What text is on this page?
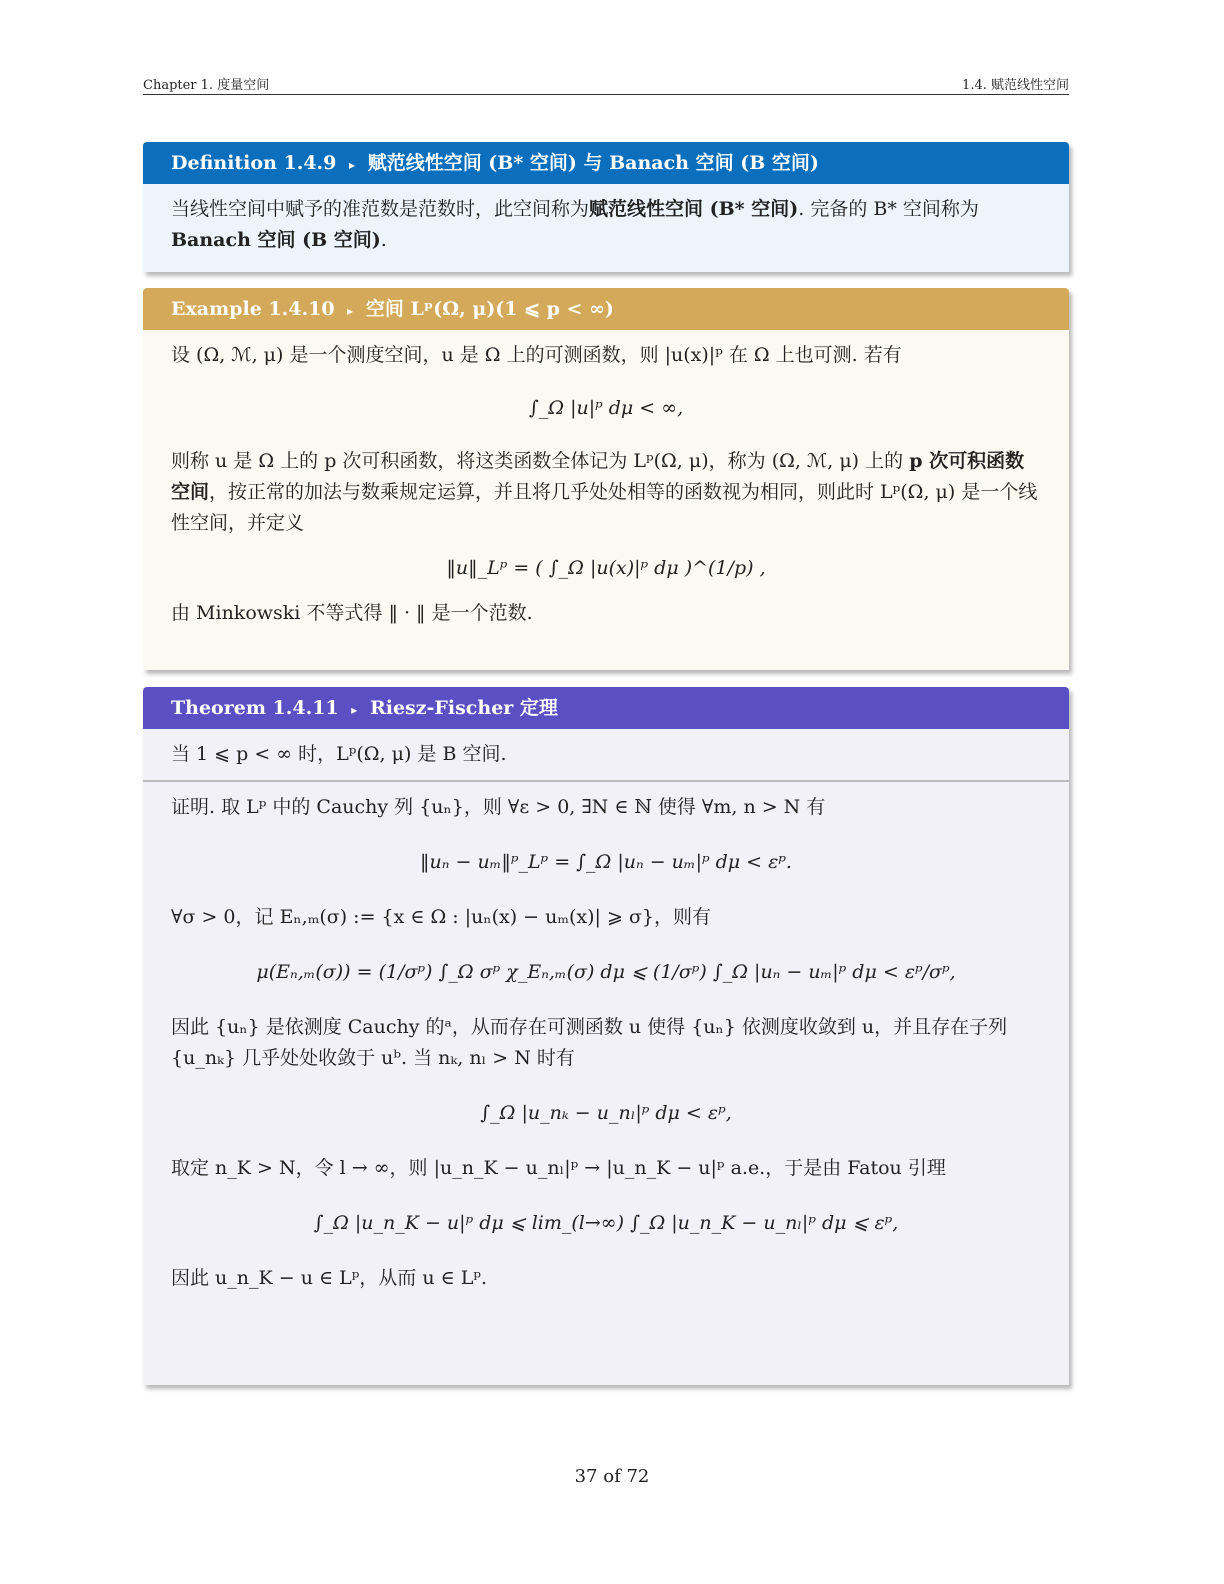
Chapter 1. 度量空间	1.4. 赋范线性空间
Definition 1.4.9 ▸ 赋范线性空间 (B* 空间) 与 Banach 空间 (B 空间)

当线性空间中赋予的准范数是范数时，此空间称为赋范线性空间 (B* 空间). 完备的 B* 空间称为 Banach 空间 (B 空间).

Example 1.4.10 ▸ 空间 Lᵖ(Ω, μ)(1 ⩽ p < ∞)

设 (Ω, ℳ, μ) 是一个测度空间，u 是 Ω 上的可测函数，则 |u(x)|ᵖ 在 Ω 上也可测. 若有

∫_Ω |u|ᵖ dμ < ∞,

则称 u 是 Ω 上的 p 次可积函数，将这类函数全体记为 Lᵖ(Ω, μ)，称为 (Ω, ℳ, μ) 上的 p 次可积函数空间，按正常的加法与数乘规定运算，并且将几乎处处相等的函数视为相同，则此时 Lᵖ(Ω, μ) 是一个线性空间，并定义

‖u‖_Lᵖ = ( ∫_Ω |u(x)|ᵖ dμ )^(1/p) ,

由 Minkowski 不等式得 ‖ · ‖ 是一个范数.

Theorem 1.4.11 ▸ Riesz-Fischer 定理

当 1 ⩽ p < ∞ 时，Lᵖ(Ω, μ) 是 B 空间.

证明. 取 Lᵖ 中的 Cauchy 列 {uₙ}，则 ∀ε > 0, ∃N ∈ ℕ 使得 ∀m, n > N 有

‖uₙ − uₘ‖ᵖ_Lᵖ = ∫_Ω |uₙ − uₘ|ᵖ dμ < εᵖ.

∀σ > 0，记 Eₙ,ₘ(σ) := {x ∈ Ω : |uₙ(x) − uₘ(x)| ⩾ σ}，则有

μ(Eₙ,ₘ(σ)) = (1/σᵖ) ∫_Ω σᵖ χ_Eₙ,ₘ(σ) dμ ⩽ (1/σᵖ) ∫_Ω |uₙ − uₘ|ᵖ dμ < εᵖ/σᵖ,

因此 {uₙ} 是依测度 Cauchy 的ᵃ，从而存在可测函数 u 使得 {uₙ} 依测度收敛到 u，并且存在子列 {u_nₖ} 几乎处处收敛于 uᵇ. 当 nₖ, nₗ > N 时有

∫_Ω |u_nₖ − u_nₗ|ᵖ dμ < εᵖ,

取定 n_K > N，令 l → ∞，则 |u_n_K − u_nₗ|ᵖ → |u_n_K − u|ᵖ a.e.，于是由 Fatou 引理

∫_Ω |u_n_K − u|ᵖ dμ ⩽ lim_(l→∞) ∫_Ω |u_n_K − u_nₗ|ᵖ dμ ⩽ εᵖ,

因此 u_n_K − u ∈ Lᵖ，从而 u ∈ Lᵖ.

37 of 72
